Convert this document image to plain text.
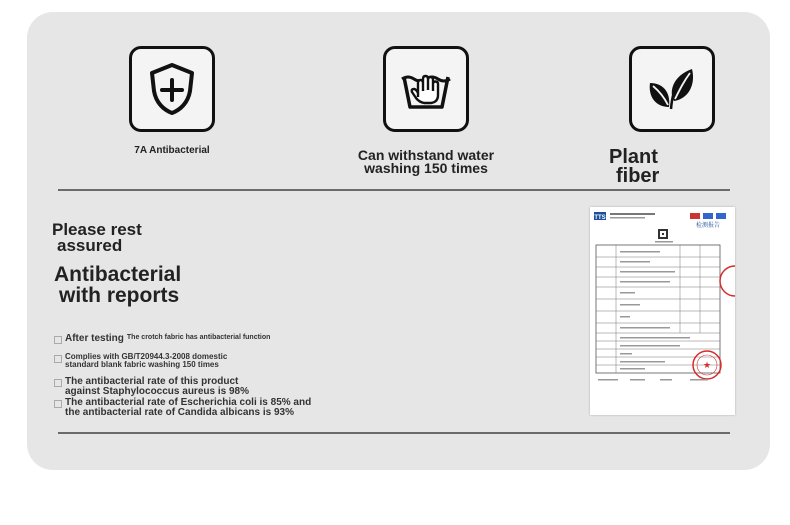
7A Antibacterial	Can withstand water
washing 150 times
Plant
fiber
Please rest
assured
Antibacterial
with reports
After testing The crotch fabric has antibacterial function
Complies with GB/T20944.3-2008 domestic
standard blank fabric washing 150 times
The antibacterial rate of this product
against Staphylococcus aureus is 98%
The antibacterial rate of Escherichia coli is 85% and
the antibacterial rate of Candida albicans is 93%
TTS
检测报告
★
